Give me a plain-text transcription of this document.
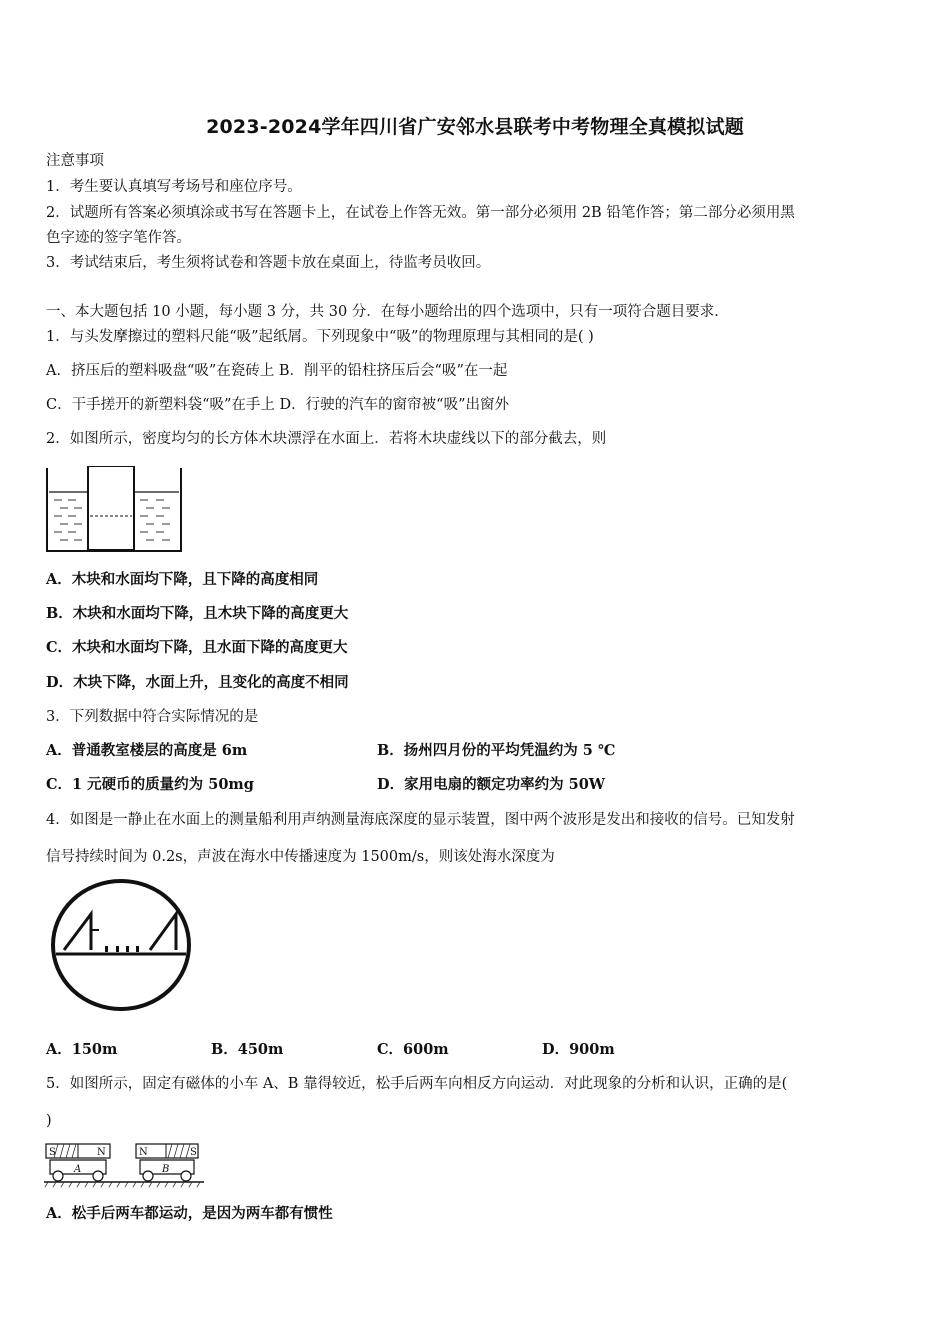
2023-2024学年四川省广安邻水县联考中考物理全真模拟试题
注意事项
1．考生要认真填写考场号和座位序号。
2．试题所有答案必须填涂或书写在答题卡上，在试卷上作答无效。第一部分必须用 2B 铅笔作答；第二部分必须用黑
色字迹的签字笔作答。
3．考试结束后，考生须将试卷和答题卡放在桌面上，待监考员收回。
一、本大题包括 10 小题，每小题 3 分，共 30 分．在每小题给出的四个选项中，只有一项符合题目要求．
1．与头发摩擦过的塑料尺能“吸”起纸屑。下列现象中“吸”的物理原理与其相同的是( )
A．挤压后的塑料吸盘“吸”在瓷砖上 B．削平的铅柱挤压后会“吸”在一起
C．干手搓开的新塑料袋“吸”在手上 D．行驶的汽车的窗帘被“吸”出窗外
2．如图所示，密度均匀的长方体木块漂浮在水面上．若将木块虚线以下的部分截去，则
A．木块和水面均下降，且下降的高度相同
B．木块和水面均下降，且木块下降的高度更大
C．木块和水面均下降，且水面下降的高度更大
D．木块下降，水面上升，且变化的高度不相同
3．下列数据中符合实际情况的是
A．普通教室楼层的高度是 6m	B．扬州四月份的平均凭温约为 5 ℃
C．1 元硬币的质量约为 50mg	D．家用电扇的额定功率约为 50W
4．如图是一静止在水面上的测量船利用声纳测量海底深度的显示装置，图中两个波形是发出和接收的信号。已知发射
信号持续时间为 0.2s，声波在海水中传播速度为 1500m/s，则该处海水深度为
A．150m	B．450m	C．600m	D．900m
5．如图所示，固定有磁体的小车 A、B 靠得较近，松手后两车向相反方向运动．对此现象的分析和认识，正确的是(
)
S	N
A
N	S
B
A．松手后两车都运动，是因为两车都有惯性
